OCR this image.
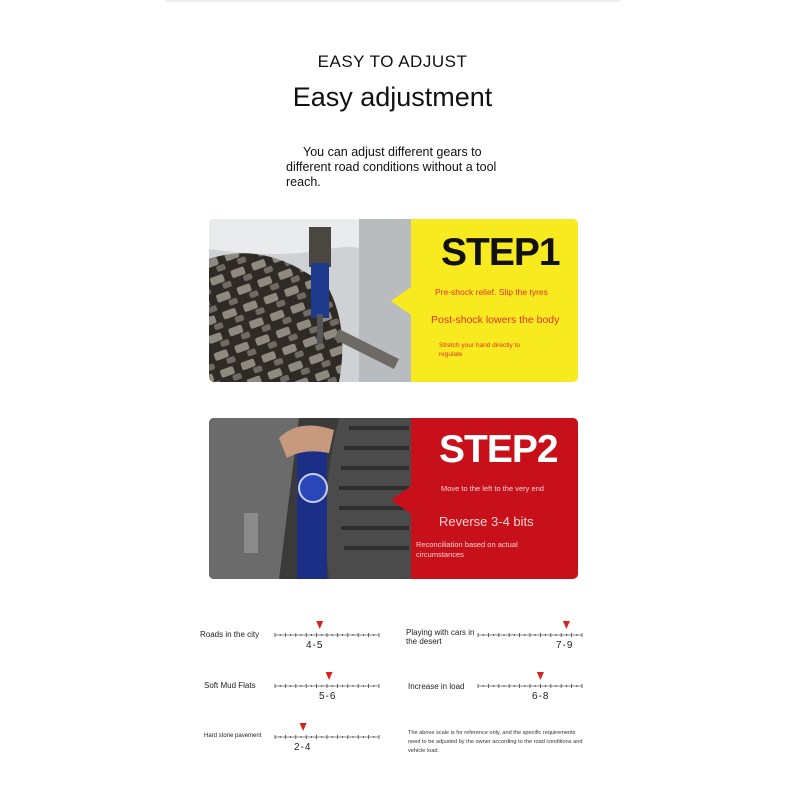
EASY TO ADJUST
Easy adjustment
You can adjust different gears to different road conditions without a tool reach.
STEP1
Pre-shock relief. Slip the tyres
Post-shock lowers the body
Stretch your hand directly to regulate
STEP2
Move to the left to the very end
Reverse 3-4 bits
Reconciliation based on actual circumstances
Roads in the city
4-5
Playing with cars in the desert	7-9
Soft Mud Flats
5-6
Increase in load
6-8
Hard stone pavement
2-4
The above scale is for reference only, and the specific requirements need to be adjusted by the owner according to the road conditions and vehicle load.
